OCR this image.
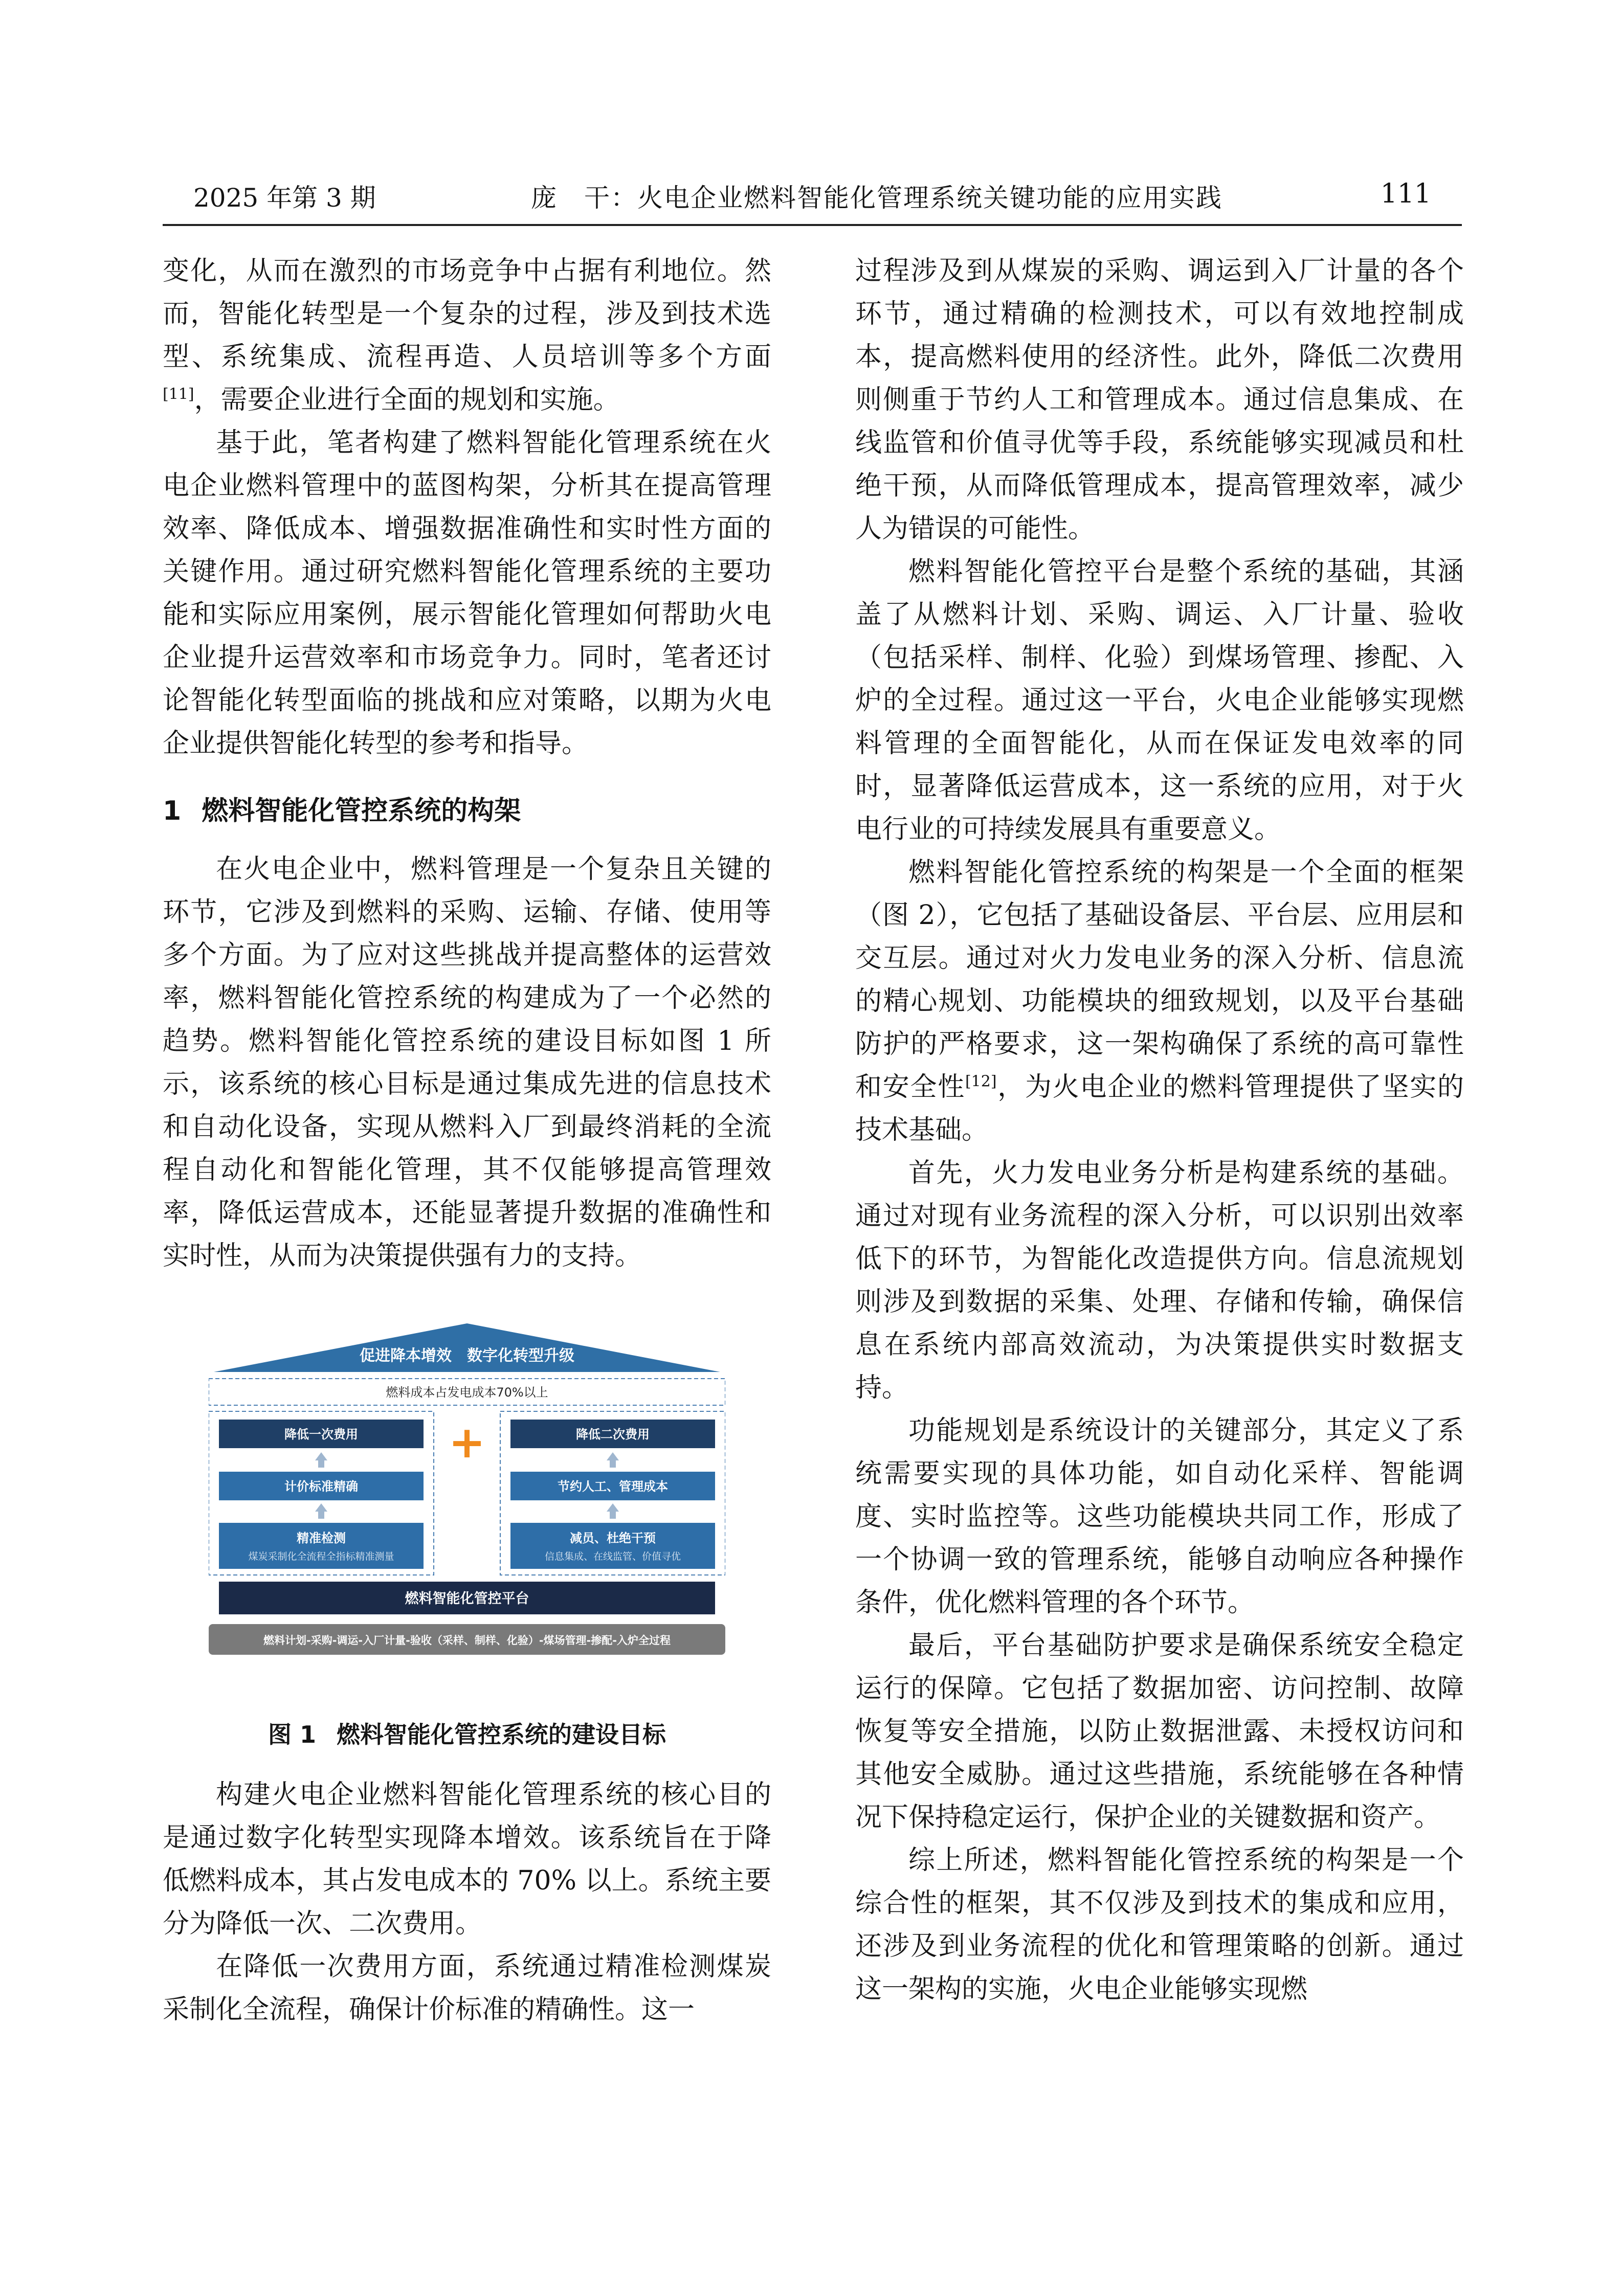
2025 年第 3 期	庞　干：火电企业燃料智能化管理系统关键功能的应用实践	111

变化，从而在激烈的市场竞争中占据有利地位。然而，智能化转型是一个复杂的过程，涉及到技术选型、系统集成、流程再造、人员培训等多个方面[11]，需要企业进行全面的规划和实施。

基于此，笔者构建了燃料智能化管理系统在火电企业燃料管理中的蓝图构架，分析其在提高管理效率、降低成本、增强数据准确性和实时性方面的关键作用。通过研究燃料智能化管理系统的主要功能和实际应用案例，展示智能化管理如何帮助火电企业提升运营效率和市场竞争力。同时，笔者还讨论智能化转型面临的挑战和应对策略，以期为火电企业提供智能化转型的参考和指导。

1 燃料智能化管控系统的构架

在火电企业中，燃料管理是一个复杂且关键的环节，它涉及到燃料的采购、运输、存储、使用等多个方面。为了应对这些挑战并提高整体的运营效率，燃料智能化管控系统的构建成为了一个必然的趋势。燃料智能化管控系统的建设目标如图 1 所示，该系统的核心目标是通过集成先进的信息技术和自动化设备，实现从燃料入厂到最终消耗的全流程自动化和智能化管理，其不仅能够提高管理效率，降低运营成本，还能显著提升数据的准确性和实时性，从而为决策提供强有力的支持。

促进降本增效　数字化转型升级
燃料成本占发电成本70%以上
降低一次费用
计价标准精确
精准检测
煤炭采制化全流程全指标精准测量
+	降低二次费用
节约人工、管理成本
减员、杜绝干预
信息集成、在线监管、价值寻优
燃料智能化管控平台
燃料计划-采购-调运-入厂计量-验收（采样、制样、化验）-煤场管理-掺配-入炉全过程
图 1 燃料智能化管控系统的建设目标

构建火电企业燃料智能化管理系统的核心目的是通过数字化转型实现降本增效。该系统旨在于降低燃料成本，其占发电成本的 70% 以上。系统主要分为降低一次、二次费用。

在降低一次费用方面，系统通过精准检测煤炭采制化全流程，确保计价标准的精确性。这一

过程涉及到从煤炭的采购、调运到入厂计量的各个环节，通过精确的检测技术，可以有效地控制成本，提高燃料使用的经济性。此外，降低二次费用则侧重于节约人工和管理成本。通过信息集成、在线监管和价值寻优等手段，系统能够实现减员和杜绝干预，从而降低管理成本，提高管理效率，减少人为错误的可能性。

燃料智能化管控平台是整个系统的基础，其涵盖了从燃料计划、采购、调运、入厂计量、验收（包括采样、制样、化验）到煤场管理、掺配、入炉的全过程。通过这一平台，火电企业能够实现燃料管理的全面智能化，从而在保证发电效率的同时，显著降低运营成本，这一系统的应用，对于火电行业的可持续发展具有重要意义。

燃料智能化管控系统的构架是一个全面的框架（图 2），它包括了基础设备层、平台层、应用层和交互层。通过对火力发电业务的深入分析、信息流的精心规划、功能模块的细致规划，以及平台基础防护的严格要求，这一架构确保了系统的高可靠性和安全性[12]，为火电企业的燃料管理提供了坚实的技术基础。

首先，火力发电业务分析是构建系统的基础。通过对现有业务流程的深入分析，可以识别出效率低下的环节，为智能化改造提供方向。信息流规划则涉及到数据的采集、处理、存储和传输，确保信息在系统内部高效流动，为决策提供实时数据支持。

功能规划是系统设计的关键部分，其定义了系统需要实现的具体功能，如自动化采样、智能调度、实时监控等。这些功能模块共同工作，形成了一个协调一致的管理系统，能够自动响应各种操作条件，优化燃料管理的各个环节。

最后，平台基础防护要求是确保系统安全稳定运行的保障。它包括了数据加密、访问控制、故障恢复等安全措施，以防止数据泄露、未授权访问和其他安全威胁。通过这些措施，系统能够在各种情况下保持稳定运行，保护企业的关键数据和资产。

综上所述，燃料智能化管控系统的构架是一个综合性的框架，其不仅涉及到技术的集成和应用，还涉及到业务流程的优化和管理策略的创新。通过这一架构的实施，火电企业能够实现燃
